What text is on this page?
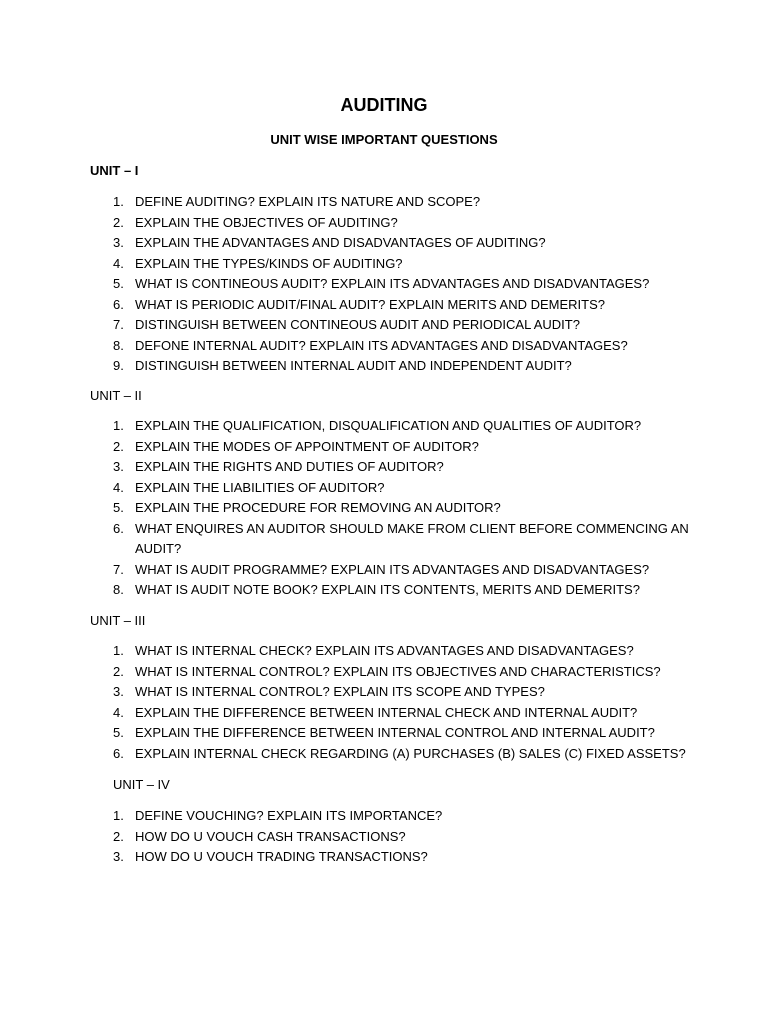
AUDITING
UNIT WISE IMPORTANT QUESTIONS
UNIT – I
1. DEFINE AUDITING? EXPLAIN ITS NATURE AND SCOPE?
2. EXPLAIN THE OBJECTIVES OF AUDITING?
3. EXPLAIN THE ADVANTAGES AND DISADVANTAGES OF AUDITING?
4. EXPLAIN THE TYPES/KINDS OF AUDITING?
5. WHAT IS CONTINEOUS AUDIT? EXPLAIN ITS ADVANTAGES AND DISADVANTAGES?
6. WHAT IS PERIODIC AUDIT/FINAL AUDIT? EXPLAIN MERITS AND DEMERITS?
7. DISTINGUISH BETWEEN CONTINEOUS AUDIT AND PERIODICAL AUDIT?
8. DEFONE INTERNAL AUDIT? EXPLAIN ITS ADVANTAGES AND DISADVANTAGES?
9. DISTINGUISH BETWEEN INTERNAL AUDIT AND INDEPENDENT AUDIT?
UNIT – II
1. EXPLAIN THE QUALIFICATION, DISQUALIFICATION AND QUALITIES OF AUDITOR?
2. EXPLAIN THE MODES OF APPOINTMENT OF AUDITOR?
3. EXPLAIN THE RIGHTS AND DUTIES OF AUDITOR?
4. EXPLAIN THE LIABILITIES OF AUDITOR?
5. EXPLAIN THE PROCEDURE FOR REMOVING AN AUDITOR?
6. WHAT ENQUIRES AN AUDITOR SHOULD MAKE FROM CLIENT BEFORE COMMENCING AN AUDIT?
7. WHAT IS AUDIT PROGRAMME? EXPLAIN ITS ADVANTAGES AND DISADVANTAGES?
8. WHAT IS AUDIT NOTE BOOK? EXPLAIN ITS CONTENTS, MERITS AND DEMERITS?
UNIT – III
1. WHAT IS INTERNAL CHECK? EXPLAIN ITS ADVANTAGES AND DISADVANTAGES?
2. WHAT IS INTERNAL CONTROL? EXPLAIN ITS OBJECTIVES AND CHARACTERISTICS?
3. WHAT IS INTERNAL CONTROL? EXPLAIN ITS SCOPE AND TYPES?
4. EXPLAIN THE DIFFERENCE BETWEEN INTERNAL CHECK AND INTERNAL AUDIT?
5. EXPLAIN THE DIFFERENCE BETWEEN INTERNAL CONTROL AND INTERNAL AUDIT?
6. EXPLAIN INTERNAL CHECK REGARDING (A) PURCHASES (B) SALES (C) FIXED ASSETS?
UNIT – IV
1. DEFINE VOUCHING? EXPLAIN ITS IMPORTANCE?
2. HOW DO U VOUCH CASH TRANSACTIONS?
3. HOW DO U VOUCH TRADING TRANSACTIONS?
